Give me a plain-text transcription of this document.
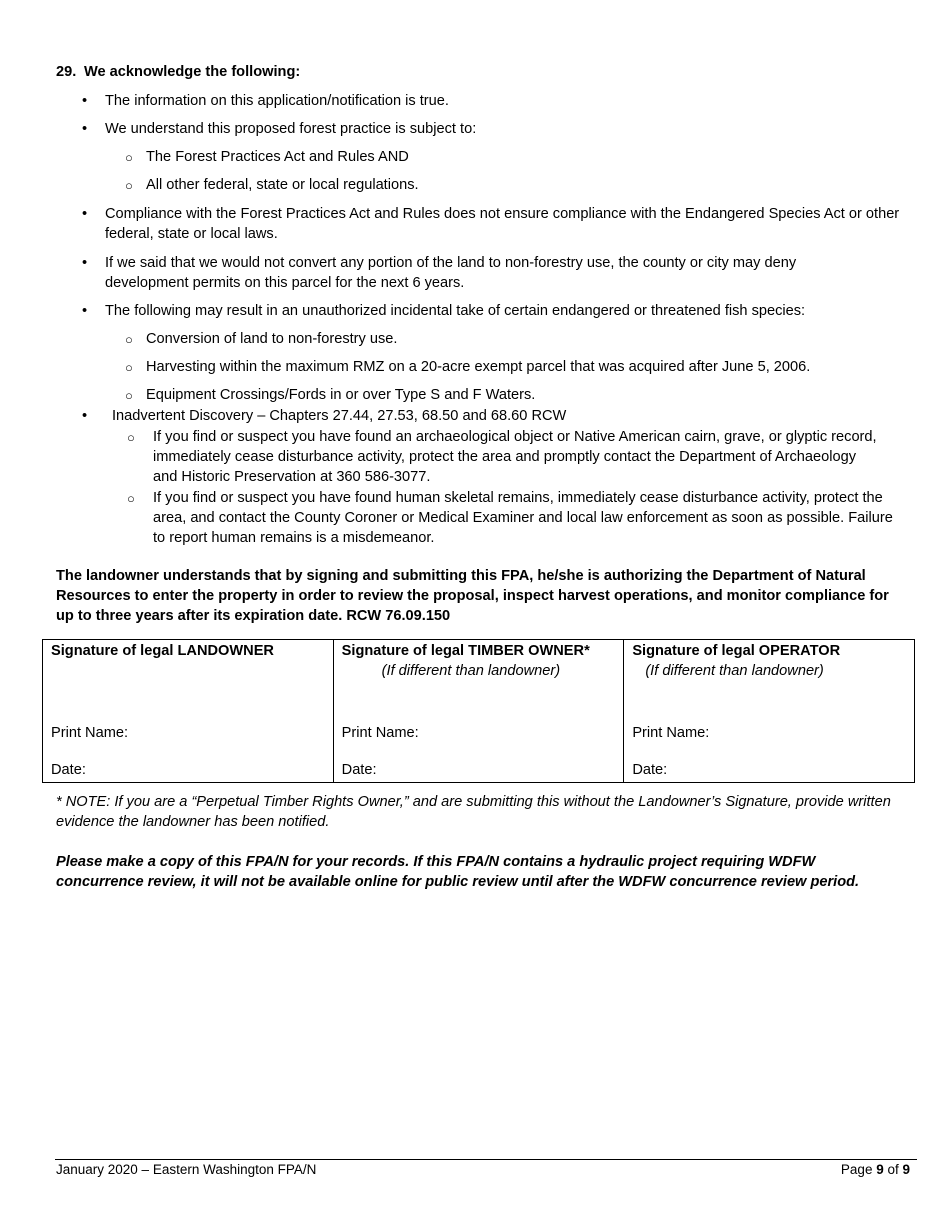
29. We acknowledge the following:
• The information on this application/notification is true.
• We understand this proposed forest practice is subject to:
○ The Forest Practices Act and Rules AND
○ All other federal, state or local regulations.
• Compliance with the Forest Practices Act and Rules does not ensure compliance with the Endangered Species Act or other federal, state or local laws.
• If we said that we would not convert any portion of the land to non-forestry use, the county or city may deny development permits on this parcel for the next 6 years.
• The following may result in an unauthorized incidental take of certain endangered or threatened fish species:
○ Conversion of land to non-forestry use.
○ Harvesting within the maximum RMZ on a 20-acre exempt parcel that was acquired after June 5, 2006.
○ Equipment Crossings/Fords in or over Type S and F Waters.
• Inadvertent Discovery – Chapters 27.44, 27.53, 68.50 and 68.60 RCW
○ If you find or suspect you have found an archaeological object or Native American cairn, grave, or glyptic record, immediately cease disturbance activity, protect the area and promptly contact the Department of Archaeology and Historic Preservation at 360 586-3077.
○ If you find or suspect you have found human skeletal remains, immediately cease disturbance activity, protect the area, and contact the County Coroner or Medical Examiner and local law enforcement as soon as possible. Failure to report human remains is a misdemeanor.
The landowner understands that by signing and submitting this FPA, he/she is authorizing the Department of Natural Resources to enter the property in order to review the proposal, inspect harvest operations, and monitor compliance for up to three years after its expiration date. RCW 76.09.150
Signature of legal LANDOWNER
Print Name:
Date:

Signature of legal TIMBER OWNER*
(If different than landowner)
Print Name:
Date:

Signature of legal OPERATOR
(If different than landowner)
Print Name:
Date:
* NOTE: If you are a “Perpetual Timber Rights Owner,” and are submitting this without the Landowner’s Signature, provide written evidence the landowner has been notified.
Please make a copy of this FPA/N for your records. If this FPA/N contains a hydraulic project requiring WDFW concurrence review, it will not be available online for public review until after the WDFW concurrence review period.
January 2020 – Eastern Washington FPA/N	Page 9 of 9
